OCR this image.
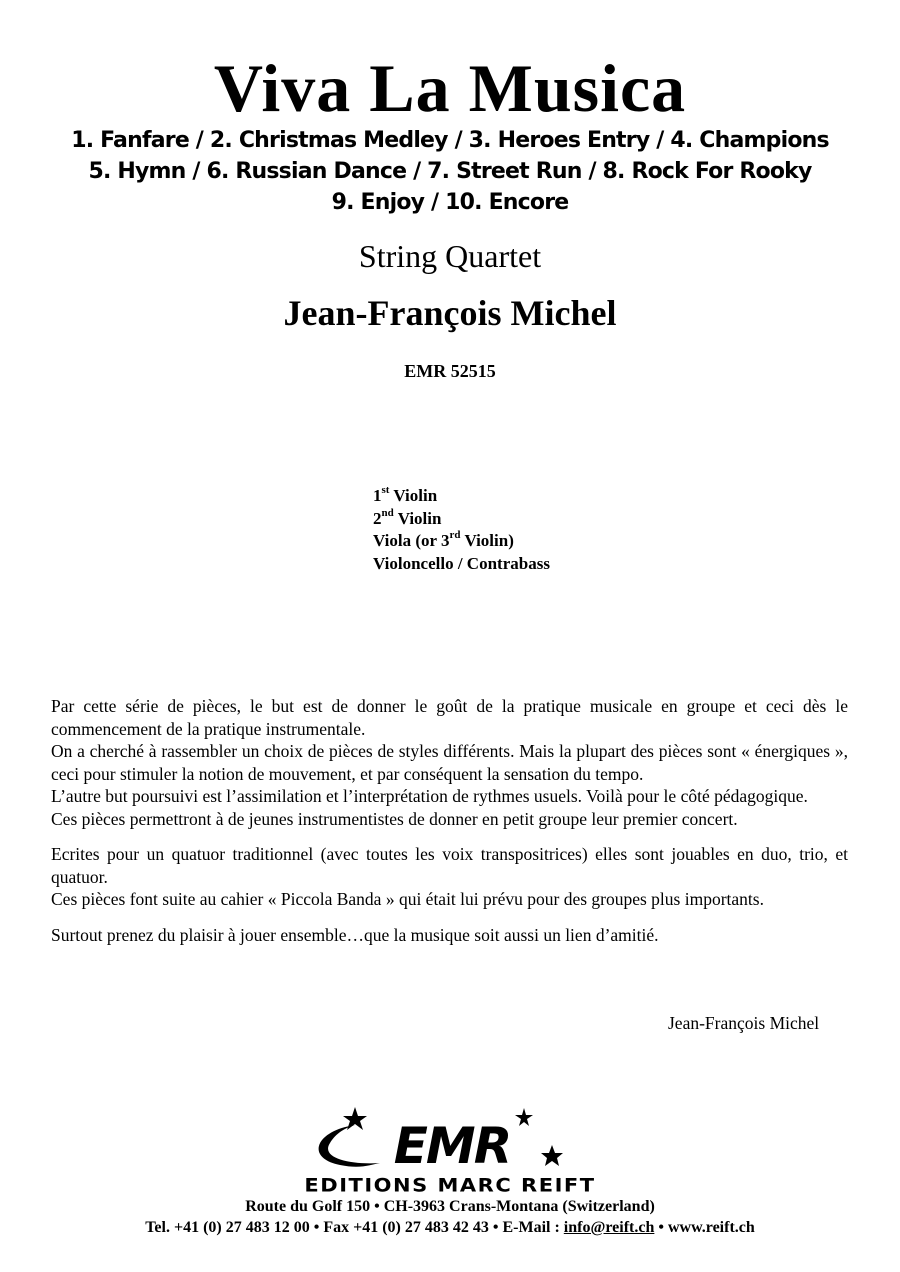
Viva La Musica
1. Fanfare / 2. Christmas Medley / 3. Heroes Entry / 4. Champions
5. Hymn / 6. Russian Dance / 7. Street Run / 8. Rock For Rooky
9. Enjoy / 10. Encore
String Quartet
Jean-François Michel
EMR 52515
1st Violin
2nd Violin
Viola (or 3rd Violin)
Violoncello / Contrabass

Par cette série de pièces, le but est de donner le goût de la pratique musicale en groupe et ceci dès le commencement de la pratique instrumentale.

On a cherché à rassembler un choix de pièces de styles différents. Mais la plupart des pièces sont « énergiques », ceci pour stimuler la notion de mouvement, et par conséquent la sensation du tempo.

L’autre but poursuivi est l’assimilation et l’interprétation de rythmes usuels. Voilà pour le côté pédagogique.

Ces pièces permettront à de jeunes instrumentistes de donner en petit groupe leur premier concert.

Ecrites pour un quatuor traditionnel (avec toutes les voix transpositrices) elles sont jouables en duo, trio, et quatuor.

Ces pièces font suite au cahier « Piccola Banda » qui était lui prévu pour des groupes plus importants.

Surtout prenez du plaisir à jouer ensemble…que la musique soit aussi un lien d’amitié.

Jean-François Michel
EMR
EDITIONS MARC REIFT
Route du Golf 150 • CH-3963 Crans-Montana (Switzerland)
Tel. +41 (0) 27 483 12 00 • Fax +41 (0) 27 483 42 43 • E-Mail : info@reift.ch • www.reift.ch
